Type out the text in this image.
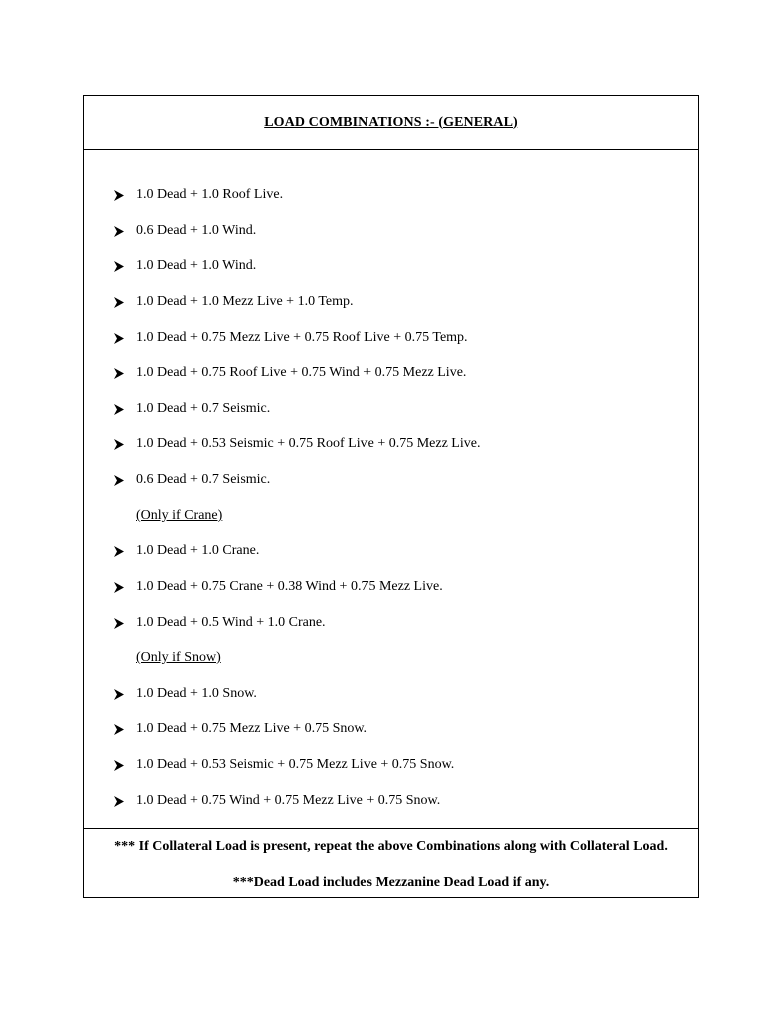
LOAD COMBINATIONS :- (GENERAL)
1.0 Dead + 1.0 Roof Live.
0.6 Dead + 1.0 Wind.
1.0 Dead + 1.0 Wind.
1.0 Dead + 1.0 Mezz Live + 1.0 Temp.
1.0 Dead + 0.75 Mezz Live + 0.75 Roof Live + 0.75 Temp.
1.0 Dead + 0.75 Roof Live + 0.75 Wind + 0.75 Mezz Live.
1.0 Dead + 0.7 Seismic.
1.0 Dead + 0.53 Seismic + 0.75 Roof Live + 0.75 Mezz Live.
0.6 Dead + 0.7 Seismic.
(Only if Crane)
1.0 Dead + 1.0 Crane.
1.0 Dead + 0.75 Crane + 0.38 Wind + 0.75 Mezz Live.
1.0 Dead + 0.5 Wind + 1.0 Crane.
(Only if Snow)
1.0 Dead + 1.0 Snow.
1.0 Dead + 0.75 Mezz Live + 0.75 Snow.
1.0 Dead + 0.53 Seismic + 0.75 Mezz Live + 0.75 Snow.
1.0 Dead + 0.75 Wind + 0.75 Mezz Live + 0.75 Snow.
*** If Collateral Load is present, repeat the above Combinations along with Collateral Load.
***Dead Load includes Mezzanine Dead Load if any.
